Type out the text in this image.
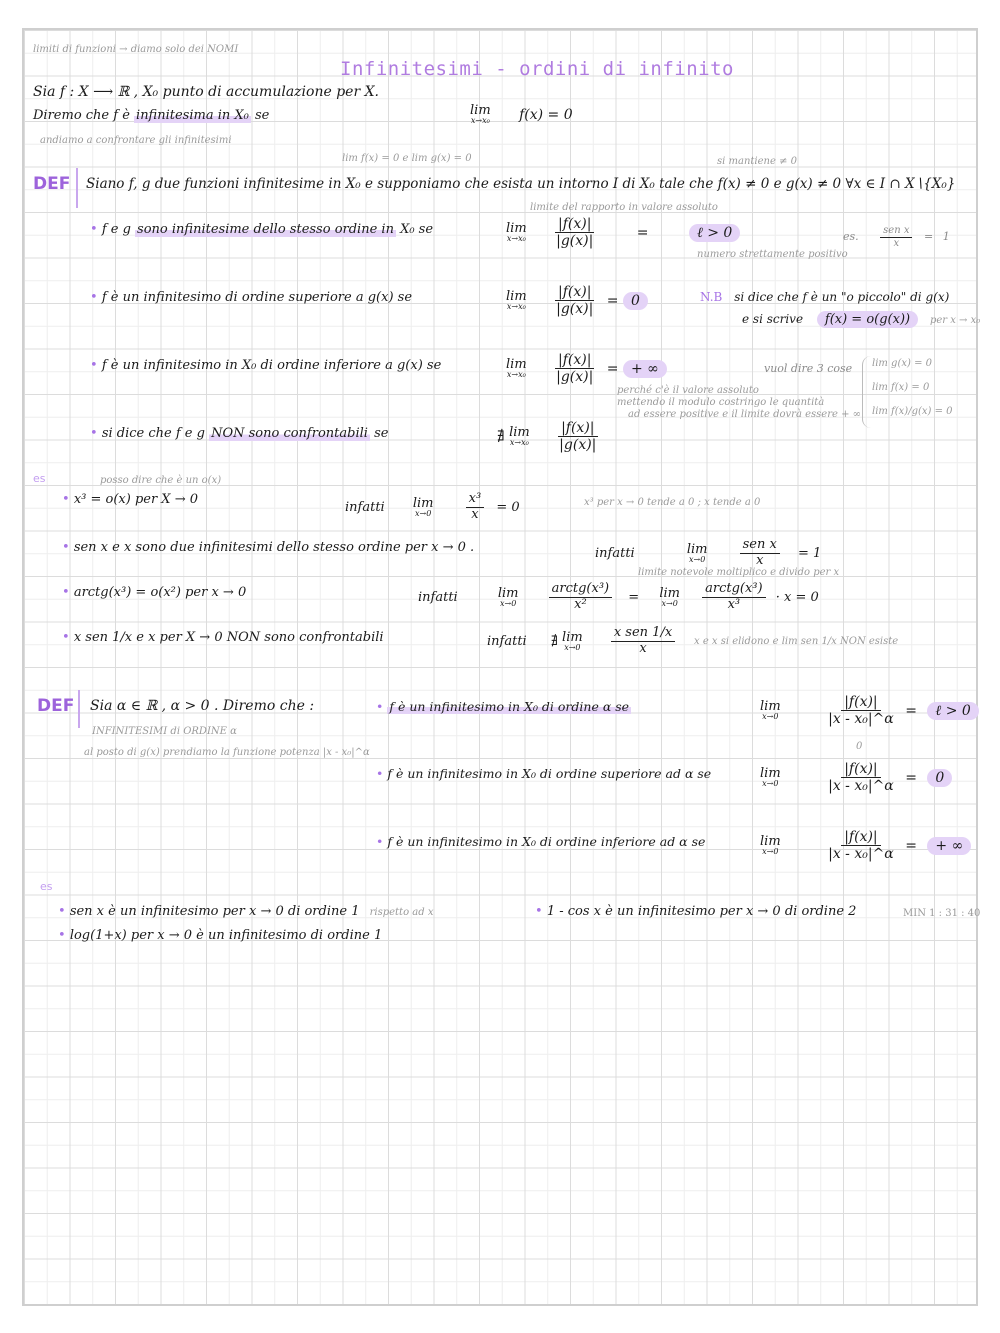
limiti di funzioni → diamo solo dei NOMI
Infinitesimi - ordini di infinito
Sia f : X ⟶ ℝ , X₀ punto di accumulazione per X.
Diremo che f è infinitesima in X₀ se	lim
x→x₀ f(x) = 0
andiamo a confrontare gli infinitesimi
lim f(x) = 0 e lim g(x) = 0
DEF
si mantiene ≠ 0
Siano f, g due funzioni infinitesime in X₀ e supponiamo che esista un intorno I di X₀ tale che f(x) ≠ 0 e g(x) ≠ 0 ∀x ∈ I ∩ X∖{X₀}
limite del rapporto in valore assoluto
• f e g sono infinitesime dello stesso ordine in X₀ se	lim
x→x₀
$\frac{|f(x)|}{|g(x)|}$	=	ℓ > 0
numero strettamente positivo
es. $\frac{\text{sen x}}{x} = 1$
• f è un infinitesimo di ordine superiore a g(x) se	lim
x→x₀
$\frac{|f(x)|}{|g(x)|} = 0$	N.B si dice che f è un "o piccolo" di g(x)
e si scrive f(x) = o(g(x)) per x → x₀
• f è un infinitesimo in X₀ di ordine inferiore a g(x) se	lim
x→x₀
$\frac{|f(x)|}{|g(x)|}$ = + ∞
perché c'è il valore assoluto
mettendo il modulo costringo le quantità
ad essere positive e il limite dovrà essere + ∞
vuol dire 3 cose lim g(x) = 0
lim f(x) = 0
lim f(x)/g(x) = 0
• si dice che f e g NON sono confrontabili se	∄ lim
x→x₀
$\frac{|f(x)|}{|g(x)|}$
es	posso dire che è un o(x)
• x³ = o(x) per X → 0
infatti lim
x→0
	$\frac{\text{x³}}{x} = 0$	x³ per x → 0 tende a 0 ; x tende a 0
• sen x e x sono due infinitesimi dello stesso ordine per x → 0 .	infatti	lim
x→0
	$\frac{\text{sen x}}{x} = 1$
limite notevole moltiplico e divido per x
• arctg(x³) = o(x²) per x → 0	infatti	lim
x→0
$\frac{\text{arctg(x³)}}{\text{x²}} = \lim$
x→0
$\frac{\text{arctg(x³)}}{\text{x³}} \cdot x = 0$
• x sen 1/x e x per X → 0 NON sono confrontabili	infatti ∄ lim
x→0
$\frac{\text{x sen 1/x}}{x}$ x e x si elidono e lim sen 1/x NON esiste
DEF Sia α ∈ ℝ , α > 0 . Diremo che :
INFINITESIMI di ORDINE α
al posto di g(x) prendiamo la funzione potenza |x - x₀|^α
• f è un infinitesimo in X₀ di ordine α se	lim
x→0
	$\frac{|f(x)|}{\text{|x - x₀|\textasciicircum{}α}}$ = ℓ > 0
0
• f è un infinitesimo in X₀ di ordine superiore ad α se	lim
x→0
	$\frac{|f(x)|}{\text{|x - x₀|\textasciicircum{}α}} = 0$
• f è un infinitesimo in X₀ di ordine inferiore ad α se	lim
x→0
	$\frac{|f(x)|}{\text{|x - x₀|\textasciicircum{}α}}$ = + ∞
es
• sen x è un infinitesimo per x → 0 di ordine 1 rispetto ad x	• 1 - cos x è un infinitesimo per x → 0 di ordine 2	MIN 1 : 31 : 40
• log(1+x) per x → 0 è un infinitesimo di ordine 1
